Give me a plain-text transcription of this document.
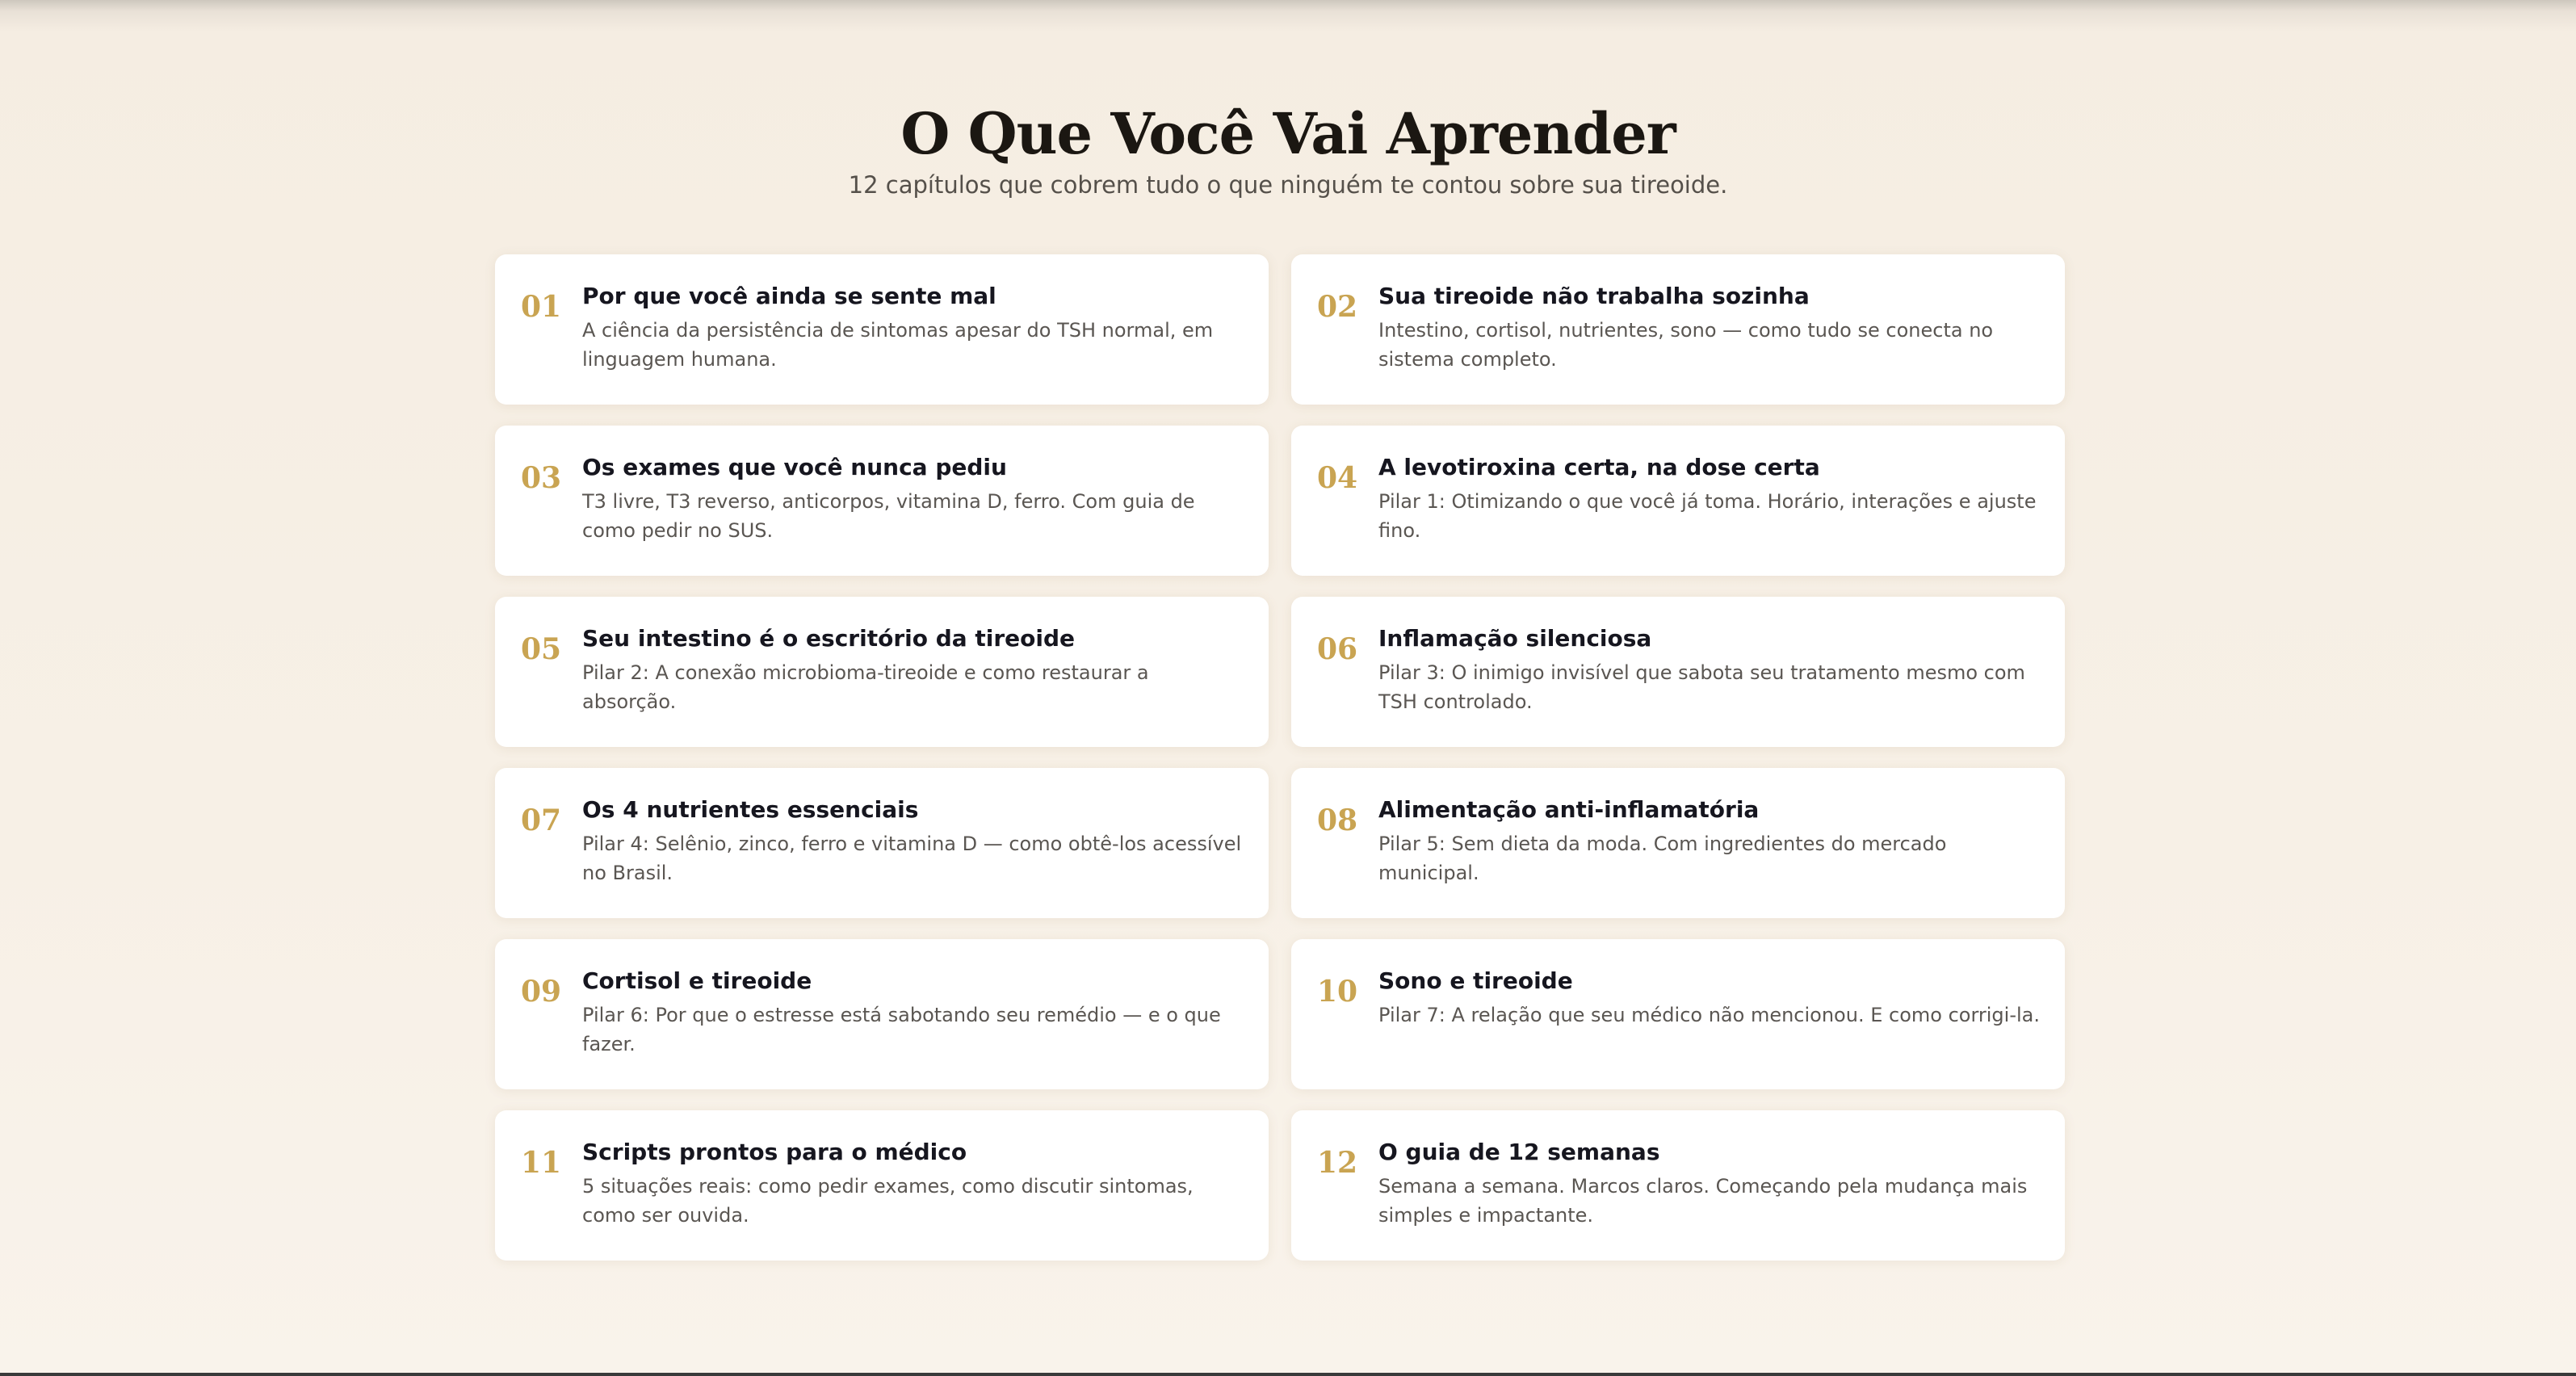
O Que Você Vai Aprender

12 capítulos que cobrem tudo o que ninguém te contou sobre sua tireoide.

01 Por que você ainda se sente mal
A ciência da persistência de sintomas apesar do TSH normal, em linguagem humana.
02 Sua tireoide não trabalha sozinha
Intestino, cortisol, nutrientes, sono — como tudo se conecta no sistema completo.
03 Os exames que você nunca pediu
T3 livre, T3 reverso, anticorpos, vitamina D, ferro. Com guia de como pedir no SUS.
04 A levotiroxina certa, na dose certa
Pilar 1: Otimizando o que você já toma. Horário, interações e ajuste fino.
05 Seu intestino é o escritório da tireoide
Pilar 2: A conexão microbioma-tireoide e como restaurar a absorção.
06 Inflamação silenciosa
Pilar 3: O inimigo invisível que sabota seu tratamento mesmo com TSH controlado.
07 Os 4 nutrientes essenciais
Pilar 4: Selênio, zinco, ferro e vitamina D — como obtê-los acessível no Brasil.
08 Alimentação anti-inflamatória
Pilar 5: Sem dieta da moda. Com ingredientes do mercado municipal.
09 Cortisol e tireoide
Pilar 6: Por que o estresse está sabotando seu remédio — e o que fazer.
10 Sono e tireoide
Pilar 7: A relação que seu médico não mencionou. E como corrigi-la.
11 Scripts prontos para o médico
5 situações reais: como pedir exames, como discutir sintomas, como ser ouvida.
12 O guia de 12 semanas
Semana a semana. Marcos claros. Começando pela mudança mais simples e impactante.
